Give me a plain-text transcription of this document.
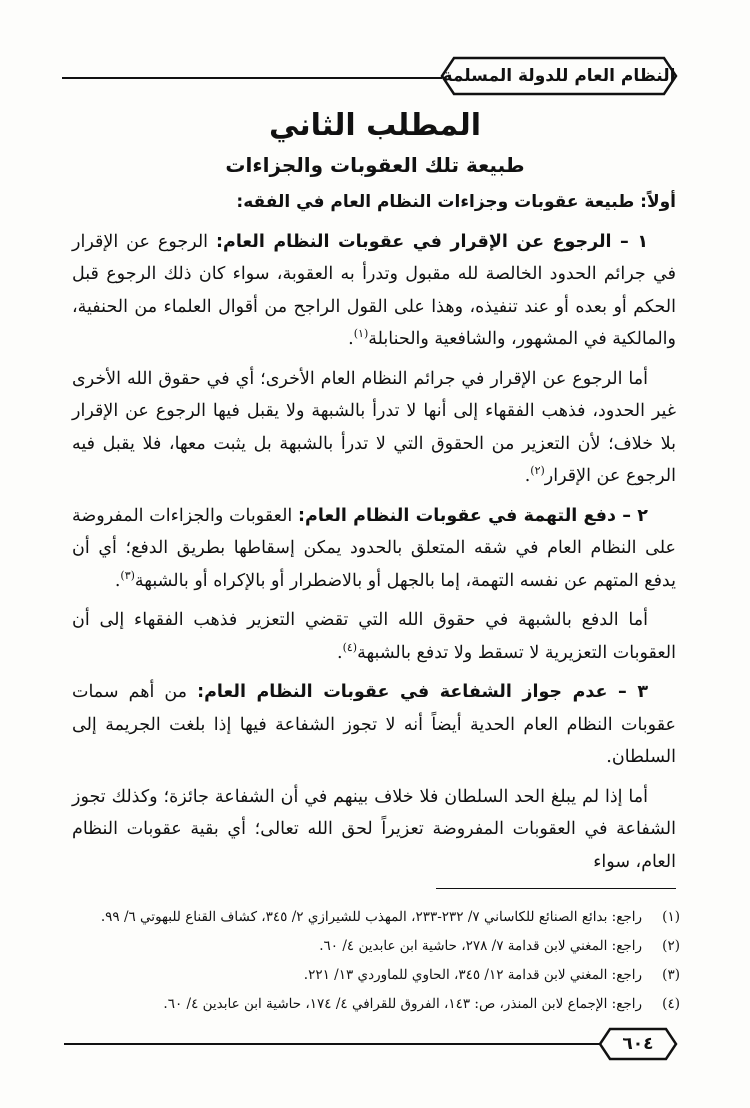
النظام العام للدولة المسلمة
المطلب الثاني
طبيعة تلك العقوبات والجزاءات

أولاً: طبيعة عقوبات وجزاءات النظام العام في الفقه:

١ – الرجوع عن الإقرار في عقوبات النظام العام: الرجوع عن الإقرار في جرائم الحدود الخالصة لله مقبول وتدرأ به العقوبة، سواء كان ذلك الرجوع قبل الحكم أو بعده أو عند تنفيذه، وهذا على القول الراجح من أقوال العلماء من الحنفية، والمالكية في المشهور، والشافعية والحنابلة$^{(١)}$.

أما الرجوع عن الإقرار في جرائم النظام العام الأخرى؛ أي في حقوق الله الأخرى غير الحدود، فذهب الفقهاء إلى أنها لا تدرأ بالشبهة ولا يقبل فيها الرجوع عن الإقرار بلا خلاف؛ لأن التعزير من الحقوق التي لا تدرأ بالشبهة بل يثبت معها، فلا يقبل فيه الرجوع عن الإقرار$^{(٢)}$.

٢ – دفع التهمة في عقوبات النظام العام: العقوبات والجزاءات المفروضة على النظام العام في شقه المتعلق بالحدود يمكن إسقاطها بطريق الدفع؛ أي أن يدفع المتهم عن نفسه التهمة، إما بالجهل أو بالاضطرار أو بالإكراه أو بالشبهة$^{(٣)}$.

أما الدفع بالشبهة في حقوق الله التي تقضي التعزير فذهب الفقهاء إلى أن العقوبات التعزيرية لا تسقط ولا تدفع بالشبهة$^{(٤)}$.

٣ – عدم جواز الشفاعة في عقوبات النظام العام: من أهم سمات عقوبات النظام العام الحدية أيضاً أنه لا تجوز الشفاعة فيها إذا بلغت الجريمة إلى السلطان.

أما إذا لم يبلغ الحد السلطان فلا خلاف بينهم في أن الشفاعة جائزة؛ وكذلك تجوز الشفاعة في العقوبات المفروضة تعزيراً لحق الله تعالى؛ أي بقية عقوبات النظام العام، سواء

(١)
راجع: بدائع الصنائع للكاساني ٧/ ٢٣٢-٢٣٣، المهذب للشيرازي ٢/ ٣٤٥، كشاف القناع للبهوتي ٦/ ٩٩.
(٢)
راجع: المغني لابن قدامة ٧/ ٢٧٨، حاشية ابن عابدين ٤/ ٦٠.
(٣)
راجع: المغني لابن قدامة ١٢/ ٣٤٥، الحاوي للماوردي ١٣/ ٢٢١.
(٤)
راجع: الإجماع لابن المنذر، ص: ١٤٣، الفروق للقرافي ٤/ ١٧٤، حاشية ابن عابدين ٤/ ٦٠.
٦٠٤
